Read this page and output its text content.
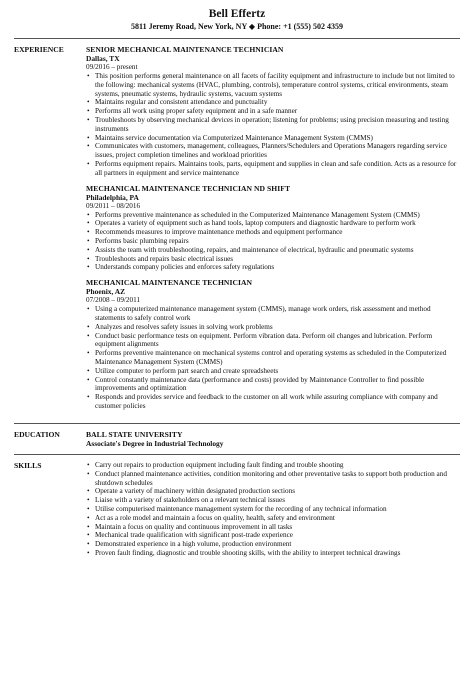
Bell Effertz
5811 Jeremy Road, New York, NY ◆ Phone: +1 (555) 502 4359
EXPERIENCE	SENIOR MECHANICAL MAINTENANCE TECHNICIAN
Dallas, TX
09/2016 – present
• This position performs general maintenance on all facets of facility equipment and infrastructure to include but not limited to the following: mechanical systems (HVAC, plumbing, controls), temperature control systems, critical environments, steam systems, pneumatic systems, hydraulic systems, vacuum systems
• Maintains regular and consistent attendance and punctuality
• Performs all work using proper safety equipment and in a safe manner
• Troubleshoots by observing mechanical devices in operation; listening for problems; using precision measuring and testing instruments
• Maintains service documentation via Computerized Maintenance Management System (CMMS)
• Communicates with customers, management, colleagues, Planners/Schedulers and Operations Managers regarding service issues, project completion timelines and workload priorities
• Performs equipment repairs. Maintains tools, parts, equipment and supplies in clean and safe condition. Acts as a resource for all partners in equipment and service maintenance
MECHANICAL MAINTENANCE TECHNICIAN ND SHIFT
Philadelphia, PA
09/2011 – 08/2016
• Performs preventive maintenance as scheduled in the Computerized Maintenance Management System (CMMS)
• Operates a variety of equipment such as hand tools, laptop computers and diagnostic hardware to perform work
• Recommends measures to improve maintenance methods and equipment performance
• Performs basic plumbing repairs
• Assists the team with troubleshooting, repairs, and maintenance of electrical, hydraulic and pneumatic systems
• Troubleshoots and repairs basic electrical issues
• Understands company policies and enforces safety regulations
MECHANICAL MAINTENANCE TECHNICIAN
Phoenix, AZ
07/2008 – 09/2011
• Using a computerized maintenance management system (CMMS), manage work orders, risk assessment and method statements to safely control work
• Analyzes and resolves safety issues in solving work problems
• Conduct basic performance tests on equipment. Perform vibration data. Perform oil changes and lubrication. Perform equipment alignments
• Performs preventive maintenance on mechanical systems control and operating systems as scheduled in the Computerized Maintenance Management System (CMMS)
• Utilize computer to perform part search and create spreadsheets
• Control constantly maintenance data (performance and costs) provided by Maintenance Controller to find possible improvements and optimization
• Responds and provides service and feedback to the customer on all work while assuring compliance with company and customer policies
EDUCATION	BALL STATE UNIVERSITY
Associate's Degree in Industrial Technology
SKILLS
•	Carry out repairs to production equipment including fault finding and trouble shooting
• Conduct planned maintenance activities, condition monitoring and other preventative tasks to support both production and shutdown schedules
• Operate a variety of machinery within designated production sections
• Liaise with a variety of stakeholders on a relevant technical issues
• Utilise computerised maintenance management system for the recording of any technical information
• Act as a role model and maintain a focus on quality, health, safety and environment
• Maintain a focus on quality and continuous improvement in all tasks
• Mechanical trade qualification with significant post-trade experience
• Demonstrated experience in a high volume, production environment
• Proven fault finding, diagnostic and trouble shooting skills, with the ability to interpret technical drawings
